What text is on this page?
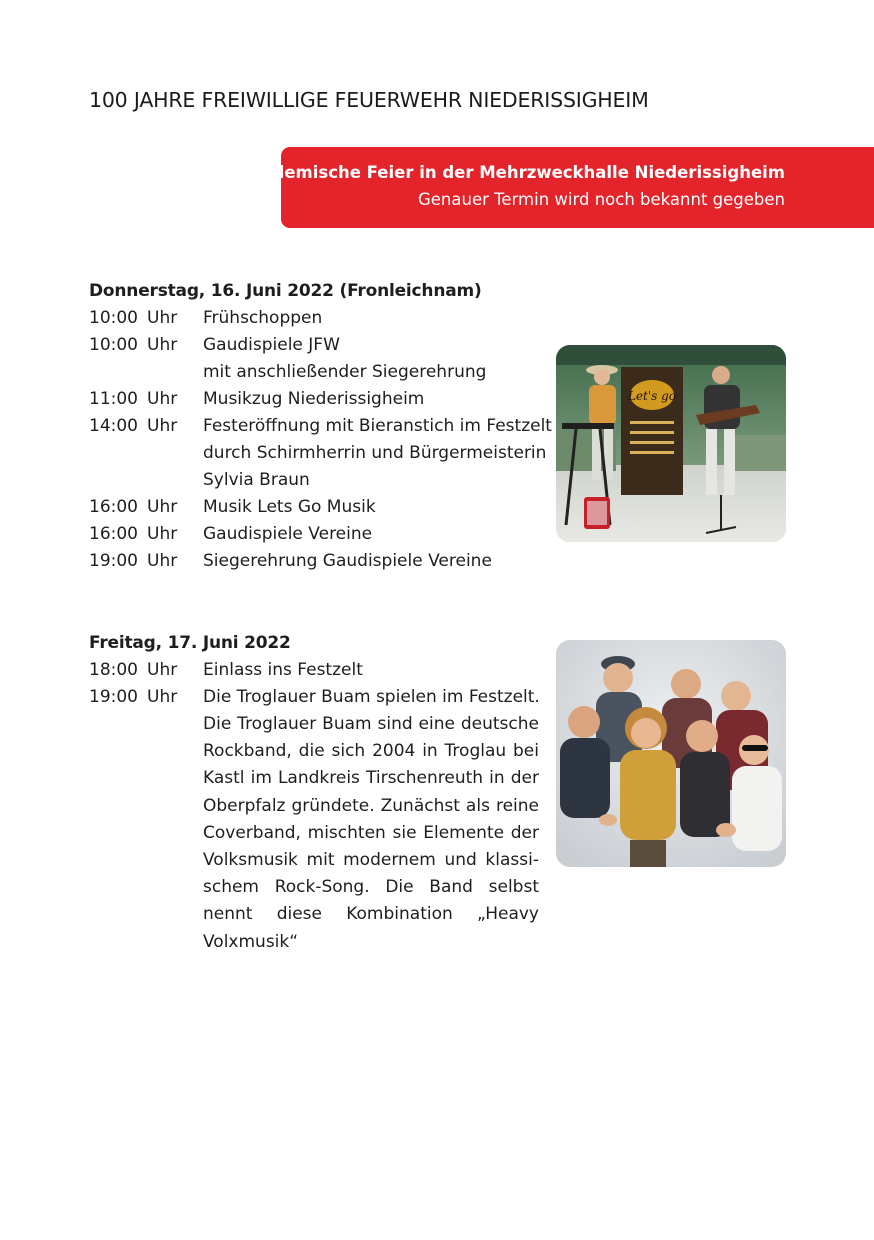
100 JAHRE FREIWILLIGE FEUERWEHR NIEDERISSIGHEIM
Akademische Feier in der Mehrzweckhalle Niederissigheim
Genauer Termin wird noch bekannt gegeben
Donnerstag, 16. Juni 2022 (Fronleichnam)
10:00 Uhr Frühschoppen
10:00 Uhr Gaudispiele JFW
mit anschließender Siegerehrung
11:00 Uhr Musikzug Niederissigheim
14:00 Uhr Festeröffnung mit Bieranstich im Festzelt
durch Schirmherrin und Bürgermeisterin
Sylvia Braun
16:00 Uhr Musik Lets Go Musik
16:00 Uhr Gaudispiele Vereine
19:00 Uhr Siegerehrung Gaudispiele Vereine
Let's go
Freitag, 17. Juni 2022
18:00 Uhr Einlass ins Festzelt
19:00 Uhr Die Troglauer Buam spielen im Festzelt.
Die Troglauer Buam sind eine deutsche Rockband, die sich 2004 in Troglau bei Kastl im Landkreis Tirschenreuth in der Oberpfalz gründete. Zunächst als reine Coverband, mischten sie Elemente der Volksmusik mit modernem und klassischem Rock-Song. Die Band selbst nennt diese Kombination „Heavy Volxmusik“
